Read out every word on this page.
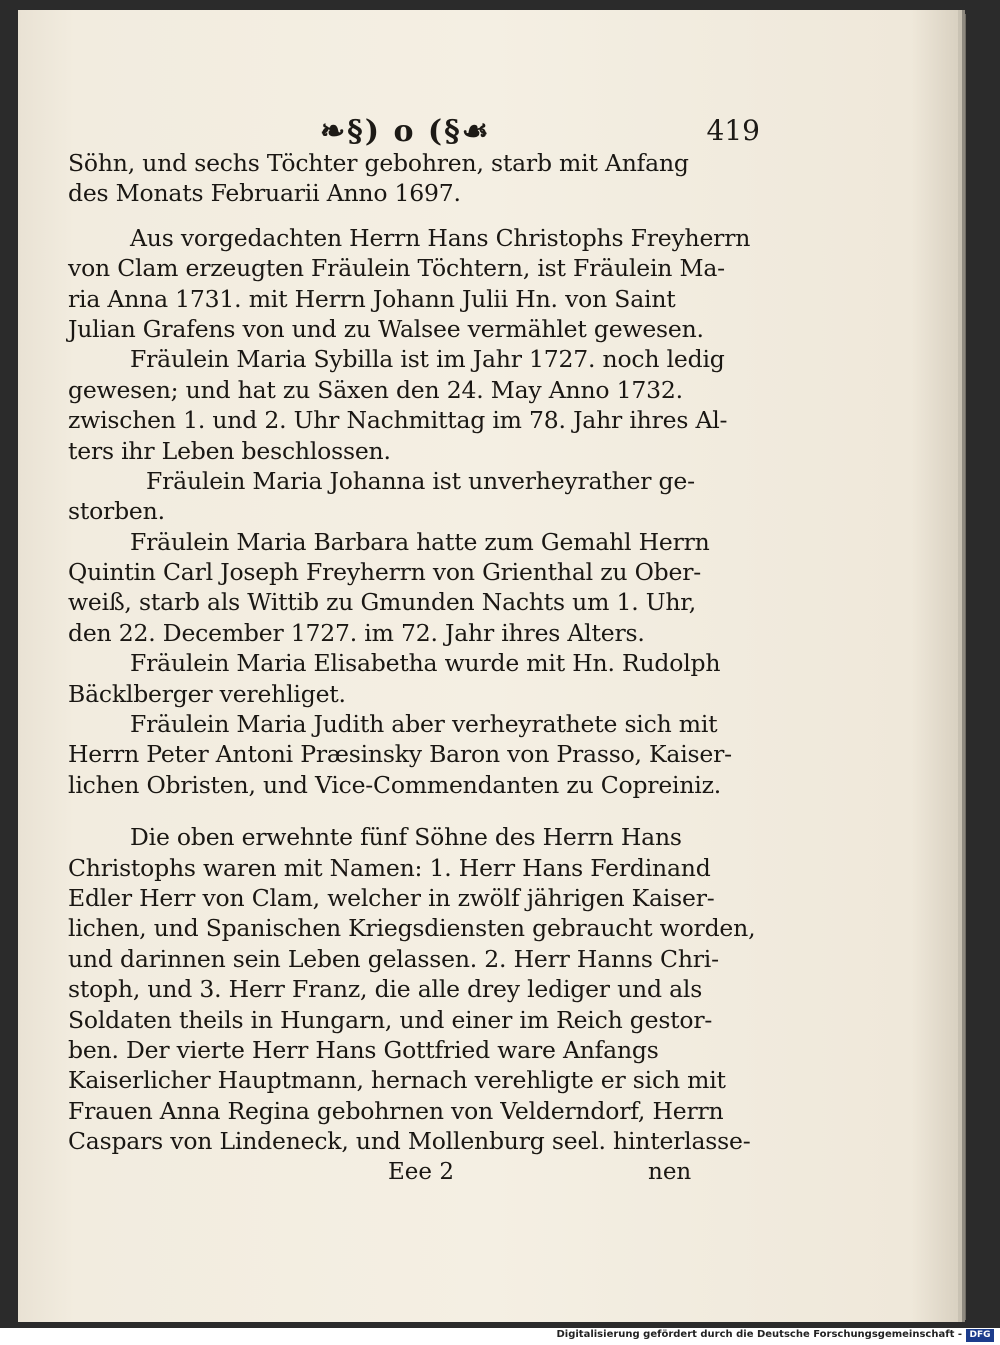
❧§) o (§☙	419
Söhn, und sechs Töchter gebohren, starb mit Anfang
des Monats Februarii Anno 1697.
Aus vorgedachten Herrn Hans Christophs Freyherrn
von Clam erzeugten Fräulein Töchtern, ist Fräulein Ma-
ria Anna 1731. mit Herrn Johann Julii Hn. von Saint
Julian Grafens von und zu Walsee vermählet gewesen.
Fräulein Maria Sybilla ist im Jahr 1727. noch ledig
gewesen; und hat zu Säxen den 24. May Anno 1732.
zwischen 1. und 2. Uhr Nachmittag im 78. Jahr ihres Al-
ters ihr Leben beschlossen.
Fräulein Maria Johanna ist unverheyrather ge-
storben.
Fräulein Maria Barbara hatte zum Gemahl Herrn
Quintin Carl Joseph Freyherrn von Grienthal zu Ober-
weiß, starb als Wittib zu Gmunden Nachts um 1. Uhr,
den 22. December 1727. im 72. Jahr ihres Alters.
Fräulein Maria Elisabetha wurde mit Hn. Rudolph
Bäcklberger verehliget.
Fräulein Maria Judith aber verheyrathete sich mit
Herrn Peter Antoni Præsinsky Baron von Prasso, Kaiser-
lichen Obristen, und Vice-Commendanten zu Copreiniz.
Die oben erwehnte fünf Söhne des Herrn Hans
Christophs waren mit Namen: 1. Herr Hans Ferdinand
Edler Herr von Clam, welcher in zwölf jährigen Kaiser-
lichen, und Spanischen Kriegsdiensten gebraucht worden,
und darinnen sein Leben gelassen. 2. Herr Hanns Chri-
stoph, und 3. Herr Franz, die alle drey lediger und als
Soldaten theils in Hungarn, und einer im Reich gestor-
ben. Der vierte Herr Hans Gottfried ware Anfangs
Kaiserlicher Hauptmann, hernach verehligte er sich mit
Frauen Anna Regina gebohrnen von Velderndorf, Herrn
Caspars von Lindeneck, und Mollenburg seel. hinterlasse-
Eee 2	nen
Digitalisierung gefördert durch die Deutsche Forschungsgemeinschaft - DFG
